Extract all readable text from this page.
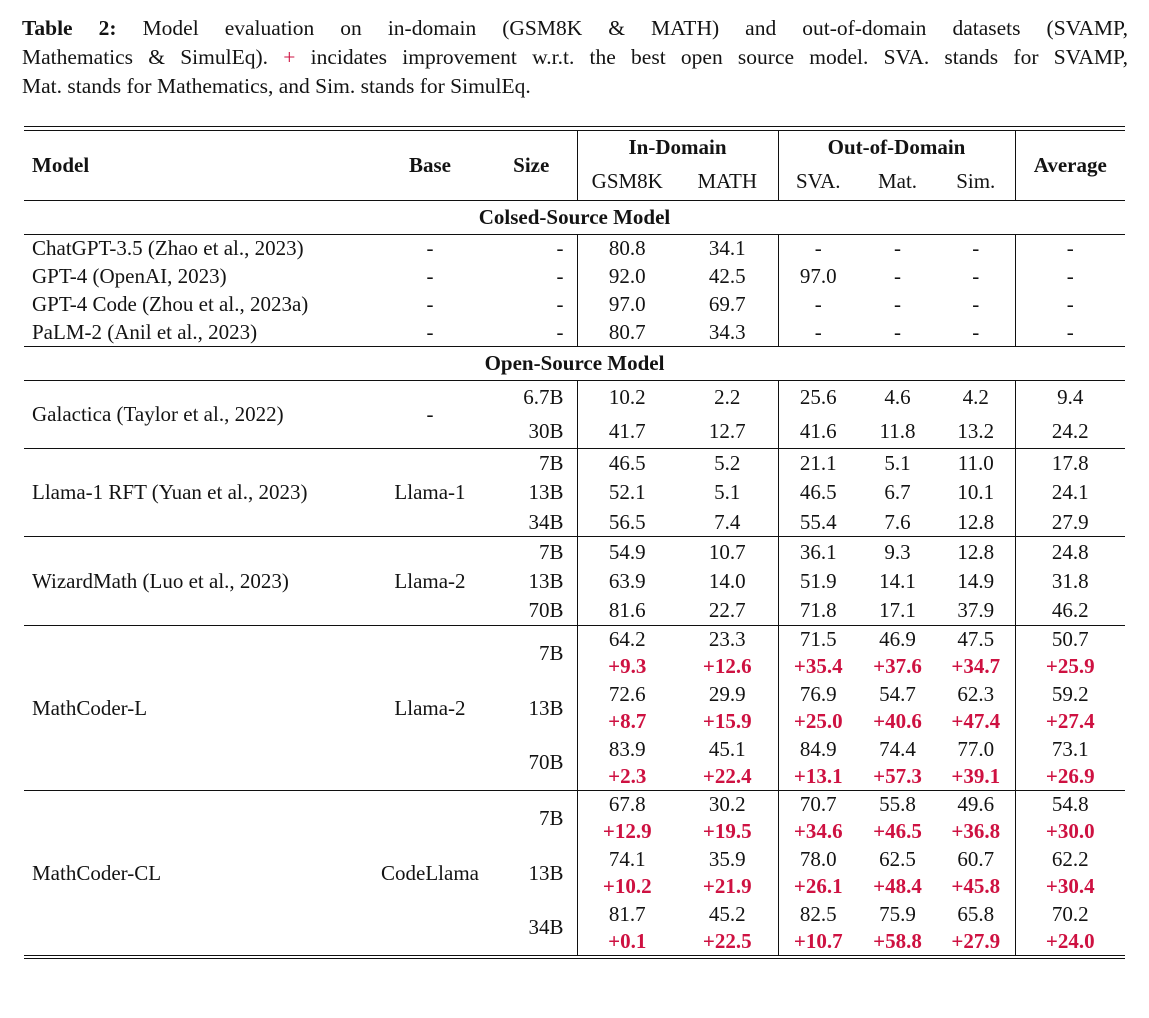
Table 2: Model evaluation on in-domain (GSM8K & MATH) and out-of-domain datasets (SVAMP,
Mathematics & SimulEq). + incidates improvement w.r.t. the best open source model. SVA. stands for SVAMP,
Mat. stands for Mathematics, and Sim. stands for SimulEq.
Model	Base	Size	In-Domain		Out-of-Domain			Average
			GSM8K	MATH	SVA.	Mat.	Sim.	
Colsed-Source Model								
ChatGPT-3.5 (Zhao et al., 2023)	-	-	80.8	34.1	-	-	-	-
GPT-4 (OpenAI, 2023)	-	-	92.0	42.5	97.0	-	-	-
GPT-4 Code (Zhou et al., 2023a)	-	-	97.0	69.7	-	-	-	-
PaLM-2 (Anil et al., 2023)	-	-	80.7	34.3	-	-	-	-
Open-Source Model								
Galactica (Taylor et al., 2022)	-	6.7B	10.2	2.2	25.6	4.6	4.2	9.4
		30B	41.7	12.7	41.6	11.8	13.2	24.2
Llama-1 RFT (Yuan et al., 2023)	Llama-1	7B	46.5	5.2	21.1	5.1	11.0	17.8
		13B	52.1	5.1	46.5	6.7	10.1	24.1
		34B	56.5	7.4	55.4	7.6	12.8	27.9
WizardMath (Luo et al., 2023)	Llama-2	7B	54.9	10.7	36.1	9.3	12.8	24.8
		13B	63.9	14.0	51.9	14.1	14.9	31.8
		70B	81.6	22.7	71.8	17.1	37.9	46.2
MathCoder-L	Llama-2	7B	64.2	23.3	71.5	46.9	47.5	50.7
			+9.3	+12.6	+35.4	+37.6	+34.7	+25.9
		13B	72.6	29.9	76.9	54.7	62.3	59.2
			+8.7	+15.9	+25.0	+40.6	+47.4	+27.4
		70B	83.9	45.1	84.9	74.4	77.0	73.1
			+2.3	+22.4	+13.1	+57.3	+39.1	+26.9
MathCoder-CL	CodeLlama	7B	67.8	30.2	70.7	55.8	49.6	54.8
			+12.9	+19.5	+34.6	+46.5	+36.8	+30.0
		13B	74.1	35.9	78.0	62.5	60.7	62.2
			+10.2	+21.9	+26.1	+48.4	+45.8	+30.4
		34B	81.7	45.2	82.5	75.9	65.8	70.2
			+0.1	+22.5	+10.7	+58.8	+27.9	+24.0
